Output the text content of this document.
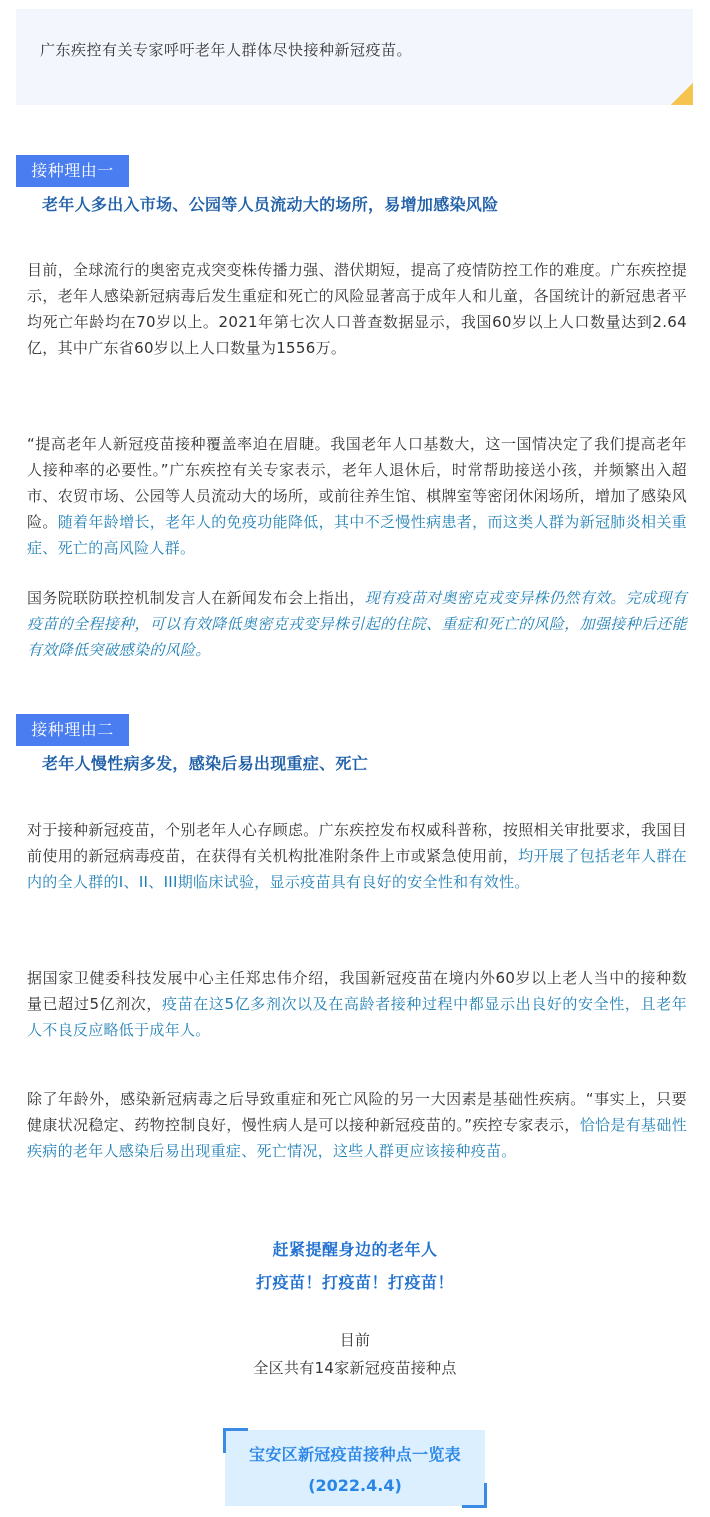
广东疾控有关专家呼吁老年人群体尽快接种新冠疫苗。
接种理由一
老年人多出入市场、公园等人员流动大的场所，易增加感染风险

目前，全球流行的奥密克戎突变株传播力强、潜伏期短，提高了疫情防控工作的难度。广东疾控提示，老年人感染新冠病毒后发生重症和死亡的风险显著高于成年人和儿童，各国统计的新冠患者平均死亡年龄均在70岁以上。2021年第七次人口普查数据显示，我国60岁以上人口数量达到2.64亿，其中广东省60岁以上人口数量为1556万。

“提高老年人新冠疫苗接种覆盖率迫在眉睫。我国老年人口基数大，这一国情决定了我们提高老年人接种率的必要性。”广东疾控有关专家表示，老年人退休后，时常帮助接送小孩，并频繁出入超市、农贸市场、公园等人员流动大的场所，或前往养生馆、棋牌室等密闭休闲场所，增加了感染风险。随着年龄增长，老年人的免疫功能降低，其中不乏慢性病患者，而这类人群为新冠肺炎相关重症、死亡的高风险人群。

国务院联防联控机制发言人在新闻发布会上指出，现有疫苗对奥密克戎变异株仍然有效。完成现有疫苗的全程接种，可以有效降低奥密克戎变异株引起的住院、重症和死亡的风险，加强接种后还能有效降低突破感染的风险。

接种理由二
老年人慢性病多发，感染后易出现重症、死亡

对于接种新冠疫苗，个别老年人心存顾虑。广东疾控发布权威科普称，按照相关审批要求，我国目前使用的新冠病毒疫苗，在获得有关机构批准附条件上市或紧急使用前，均开展了包括老年人群在内的全人群的I、II、III期临床试验，显示疫苗具有良好的安全性和有效性。

据国家卫健委科技发展中心主任郑忠伟介绍，我国新冠疫苗在境内外60岁以上老人当中的接种数量已超过5亿剂次，疫苗在这5亿多剂次以及在高龄者接种过程中都显示出良好的安全性，且老年人不良反应略低于成年人。

除了年龄外，感染新冠病毒之后导致重症和死亡风险的另一大因素是基础性疾病。“事实上，只要健康状况稳定、药物控制良好，慢性病人是可以接种新冠疫苗的。”疾控专家表示，恰恰是有基础性疾病的老年人感染后易出现重症、死亡情况，这些人群更应该接种疫苗。

赶紧提醒身边的老年人
打疫苗！打疫苗！打疫苗！
目前
全区共有14家新冠疫苗接种点
宝安区新冠疫苗接种点一览表
(2022.4.4)
